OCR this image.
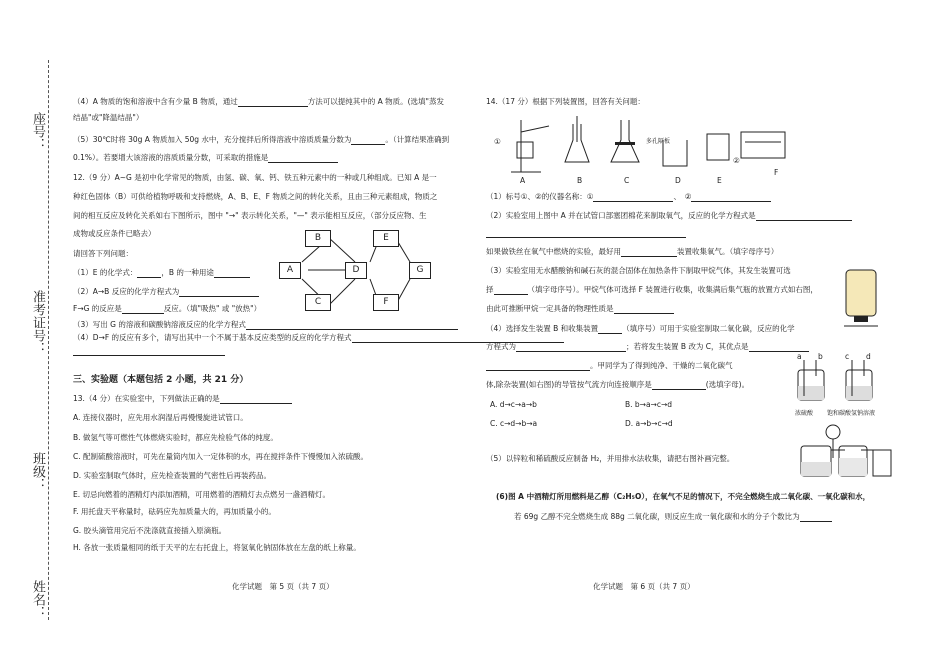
座号：
准考证号：
班级：
姓名：
（4）A 物质的饱和溶液中含有少量 B 物质，通过	方法可以提纯其中的 A 物质。(选填"蒸发
结晶"或"降温结晶"）
（5）30℃时将 30g A 物质加入 50g 水中，充分搅拌后所得溶液中溶质质量分数为	。（计算结果准确到
0.1%）。若要增大该溶液的溶质质量分数，可采取的措施是
12.（9 分）A~G 是初中化学常见的物质，由氢、碳、氧、钙、铁五种元素中的一种或几种组成。已知 A 是一
种红色固体（B）可供给植物呼吸和支持燃烧，A、B、E、F 物质之间的转化关系，且由三种元素组成，物质之
间的相互反应及转化关系如右下图所示，图中 "→" 表示转化关系，"—" 表示能相互反应，（部分反应物、生
成物或反应条件已略去）
请回答下列问题：
（1）E 的化学式：	，B 的一种用途
（2）A→B 反应的化学方程式为
F→G 的反应是	反应。（填"吸热" 或 "放热"）
（3）写出 G 的溶液和碳酸钠溶液反应的化学方程式
（4）D→F 的反应有多个，请写出其中一个不属于基本反应类型的反应的化学方程式
B	E
A	D	G
C	F
三、实验题（本题包括 2 小题，共 21 分）
13.（4 分）在实验室中，下列做法正确的是
A. 连接仪器时，应先用水润湿后再慢慢旋进试管口。
B. 做氢气等可燃性气体燃烧实验时，都应先检验气体的纯度。
C. 配制硫酸溶液时，可先在量筒内加入一定体积的水，再在搅拌条件下慢慢加入浓硫酸。
D. 实验室制取气体时，应先检查装置的气密性后再装药品。
E. 切忌向燃着的酒精灯内添加酒精，可用燃着的酒精灯去点燃另一盏酒精灯。
F. 用托盘天平称量时，砝码应先加质量大的，再加质量小的。
G. 胶头滴管用完后不洗涤就直接插入原滴瓶。
H. 各放一张质量相同的纸于天平的左右托盘上，将氢氧化钠固体放在左盘的纸上称量。
化学试题　第 5 页（共 7 页）
14.（17 分）根据下列装置图，回答有关问题：
①
②
多孔隔板
A	B	C	D	E
F
（1）标号①、②的仪器名称：①	、　②
（2）实验室用上图中 A 并在试管口部塞团棉花来制取氧气，反应的化学方程式是
如果做铁丝在氧气中燃烧的实验，最好用	装置收集氧气。（填字母序号）
（3）实验室用无水醋酸钠和碱石灰的混合固体在加热条件下制取甲烷气体，其发生装置可选
择	（填字母序号）。甲烷气体可选择 F 装置进行收集，收集满后集气瓶的放置方式如右图，
由此可推断甲烷一定具备的物理性质是
（4）选择发生装置 B 和收集装置	（填序号）可用于实验室制取二氧化碳，反应的化学
方程式为	；若将发生装置 B 改为 C，其优点是
。甲同学为了得到纯净、干燥的二氧化碳气
体,除杂装置(如右图)的导管按气流方向连接顺序是	(选填字母)。
A. d→c→a→b	B. b→a→c→d
C. c→d→b→a	D. a→b→c→d
a b	c d
浓硫酸 饱和碳酸氢钠溶液
（5）以锌粒和稀硫酸反应制备 H₂，并用排水法收集，请把右图补画完整。
(6)图 A 中酒精灯所用燃料是乙醇（C₂H₅O），在氧气不足的情况下，不完全燃烧生成二氧化碳、一氧化碳和水，
若 69g 乙醇不完全燃烧生成 88g 二氧化碳，则反应生成一氧化碳和水的分子个数比为
化学试题　第 6 页（共 7 页）
